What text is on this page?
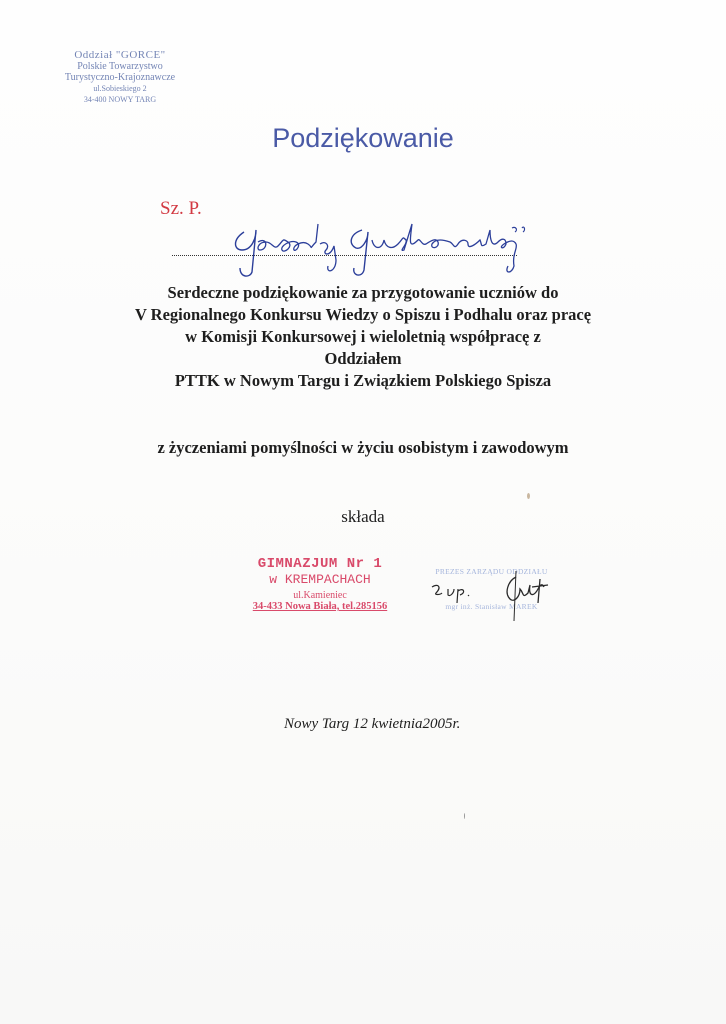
Oddział "GORCE"
Polskie Towarzystwo
Turystyczno-Krajoznawcze
ul.Sobieskiego 2
34-400 NOWY TARG
Podziękowanie
Sz. P.
Serdeczne podziękowanie za przygotowanie uczniów do
V Regionalnego Konkursu Wiedzy o Spiszu i Podhalu oraz pracę
w Komisji Konkursowej i wieloletnią współpracę z
Oddziałem
PTTK w Nowym Targu i Związkiem Polskiego Spisza
z życzeniami pomyślności w życiu osobistym i zawodowym
składa
GIMNAZJUM Nr 1
w KREMPACHACH
ul.Kamieniec
34-433 Nowa Biała, tel.285156
PREZES ZARZĄDU ODDZIAŁU
mgr inż. Stanisław MAREK
Nowy Targ 12 kwietnia2005r.
